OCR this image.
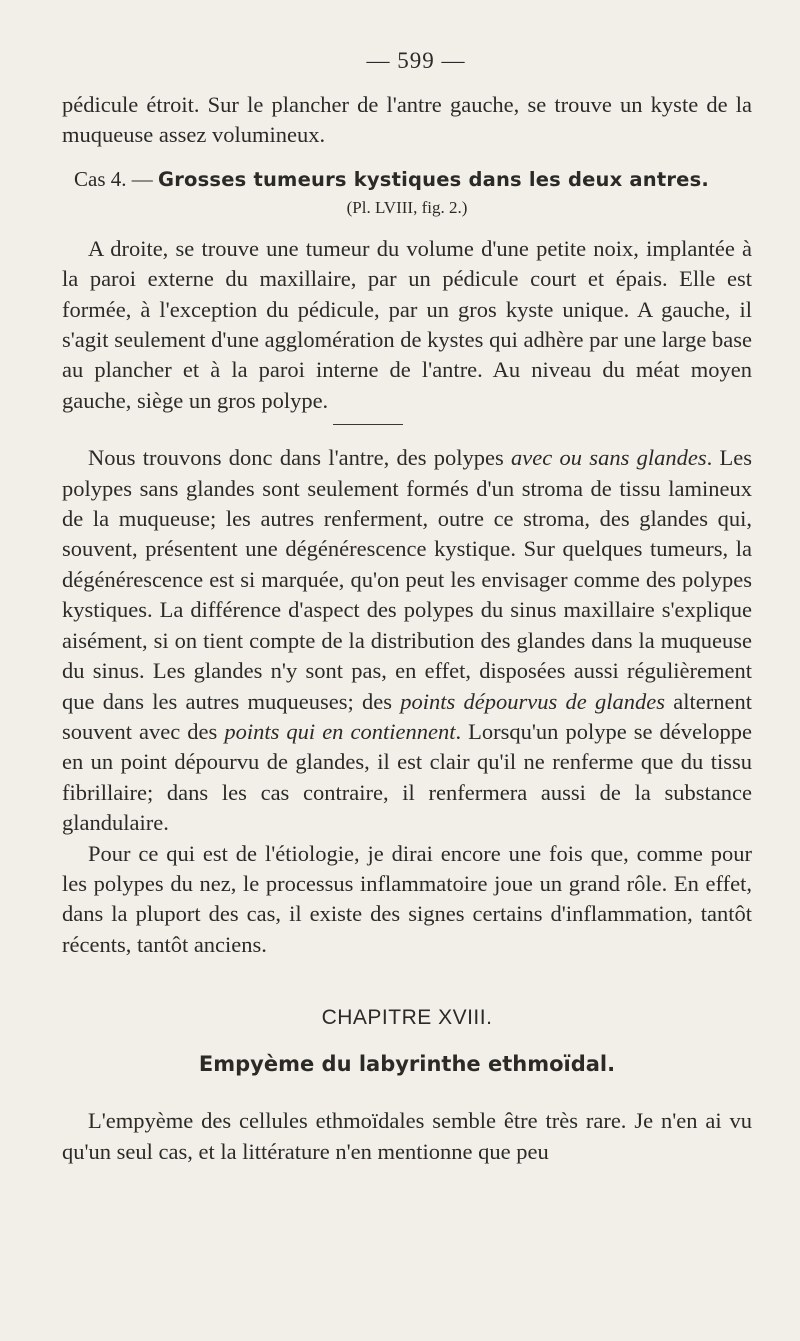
— 599 —

pédicule étroit. Sur le plancher de l'antre gauche, se trouve un kyste de la muqueuse assez volumineux.

Cas 4. — Grosses tumeurs kystiques dans les deux antres.
(Pl. LVIII, fig. 2.)

A droite, se trouve une tumeur du volume d'une petite noix, implantée à la paroi externe du maxillaire, par un pédicule court et épais. Elle est formée, à l'exception du pédicule, par un gros kyste unique. A gauche, il s'agit seulement d'une agglomération de kystes qui adhère par une large base au plancher et à la paroi interne de l'antre. Au niveau du méat moyen gauche, siège un gros polype.

Nous trouvons donc dans l'antre, des polypes avec ou sans glandes. Les polypes sans glandes sont seulement formés d'un stroma de tissu lamineux de la muqueuse; les autres renferment, outre ce stroma, des glandes qui, souvent, présentent une dégénérescence kystique. Sur quelques tumeurs, la dégénérescence est si marquée, qu'on peut les envisager comme des polypes kystiques. La différence d'aspect des polypes du sinus maxillaire s'explique aisément, si on tient compte de la distribution des glandes dans la muqueuse du sinus. Les glandes n'y sont pas, en effet, disposées aussi régulièrement que dans les autres muqueuses; des points dépourvus de glandes alternent souvent avec des points qui en contiennent. Lorsqu'un polype se développe en un point dépourvu de glandes, il est clair qu'il ne renferme que du tissu fibrillaire; dans les cas contraire, il renfermera aussi de la substance glandulaire.

Pour ce qui est de l'étiologie, je dirai encore une fois que, comme pour les polypes du nez, le processus inflammatoire joue un grand rôle. En effet, dans la pluport des cas, il existe des signes certains d'inflammation, tantôt récents, tantôt anciens.

CHAPITRE XVIII.
Empyème du labyrinthe ethmoïdal.

L'empyème des cellules ethmoïdales semble être très rare. Je n'en ai vu qu'un seul cas, et la littérature n'en mentionne que peu
